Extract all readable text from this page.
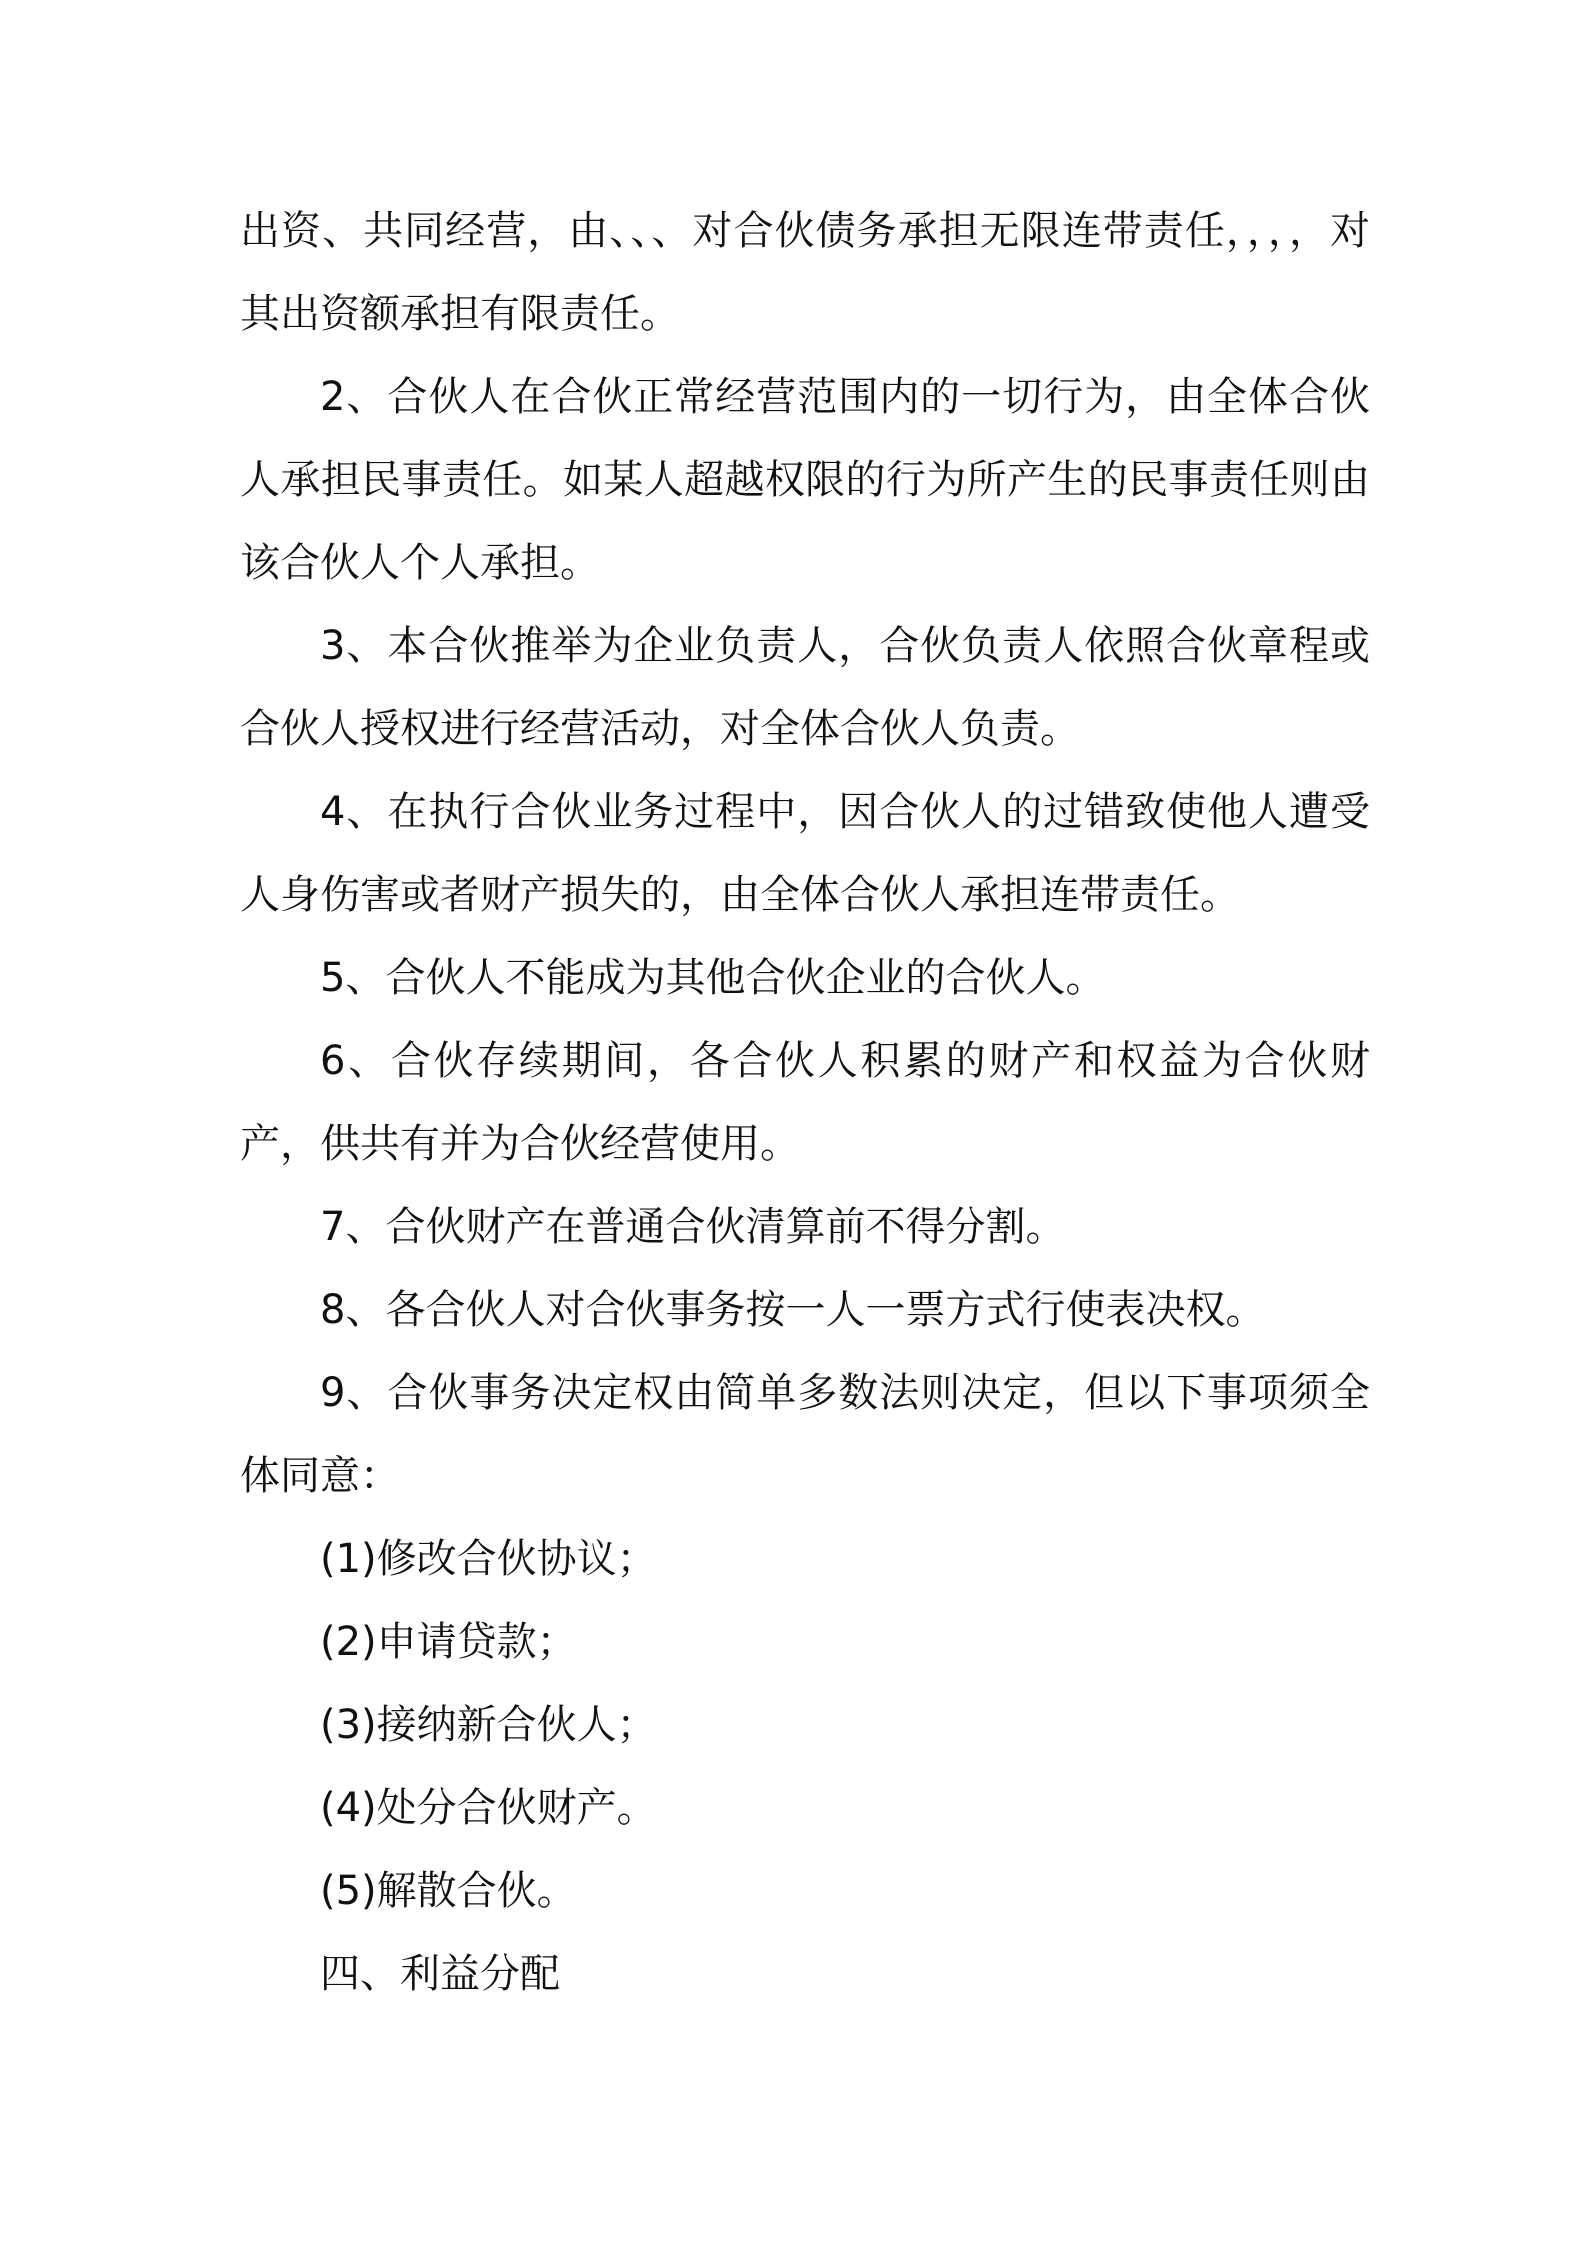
出资、共同经营，由、、、对合伙债务承担无限连带责任，，，，对其出资额承担有限责任。

2、合伙人在合伙正常经营范围内的一切行为，由全体合伙人承担民事责任。如某人超越权限的行为所产生的民事责任则由该合伙人个人承担。

3、本合伙推举为企业负责人，合伙负责人依照合伙章程或合伙人授权进行经营活动，对全体合伙人负责。

4、在执行合伙业务过程中，因合伙人的过错致使他人遭受人身伤害或者财产损失的，由全体合伙人承担连带责任。

5、合伙人不能成为其他合伙企业的合伙人。

6、合伙存续期间，各合伙人积累的财产和权益为合伙财产，供共有并为合伙经营使用。

7、合伙财产在普通合伙清算前不得分割。

8、各合伙人对合伙事务按一人一票方式行使表决权。

9、合伙事务决定权由简单多数法则决定，但以下事项须全体同意：

(1)修改合伙协议；

(2)申请贷款；

(3)接纳新合伙人；

(4)处分合伙财产。

(5)解散合伙。

四、利益分配
